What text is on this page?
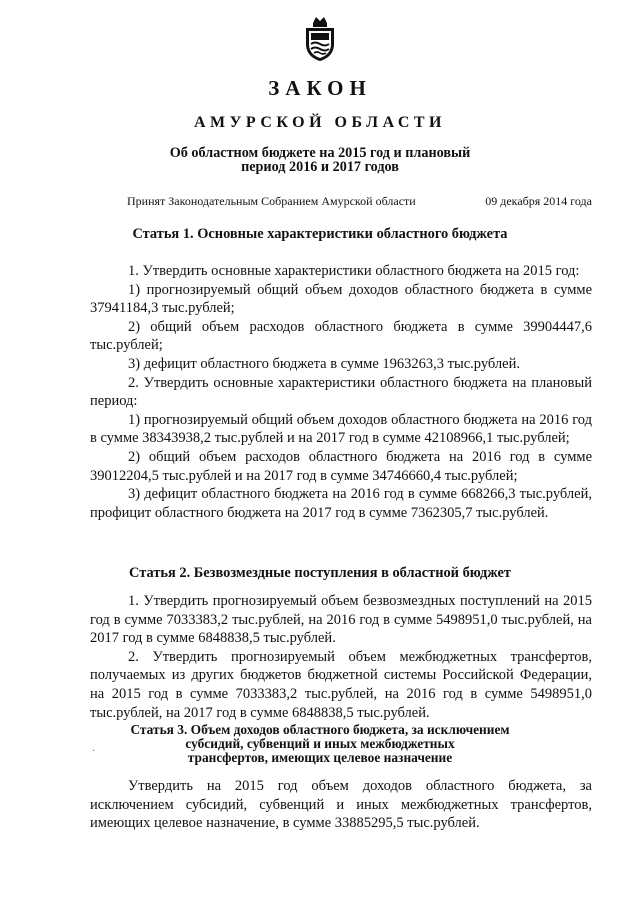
ЗАКОН
АМУРСКОЙ ОБЛАСТИ
Об областном бюджете на 2015 год и плановый
период 2016 и 2017 годов
Принят Законодательным Собранием Амурской области	09 декабря 2014 года
Статья 1. Основные характеристики областного бюджета

1. Утвердить основные характеристики областного бюджета на 2015 год:

1) прогнозируемый общий объем доходов областного бюджета в сумме 37941184,3 тыс.рублей;

2) общий объем расходов областного бюджета в сумме 39904447,6 тыс.рублей;

3) дефицит областного бюджета в сумме 1963263,3 тыс.рублей.

2. Утвердить основные характеристики областного бюджета на плановый период:

1) прогнозируемый общий объем доходов областного бюджета на 2016 год в сумме 38343938,2 тыс.рублей и на 2017 год в сумме 42108966,1 тыс.рублей;

2) общий объем расходов областного бюджета на 2016 год в сумме 39012204,5 тыс.рублей и на 2017 год в сумме 34746660,4 тыс.рублей;

3) дефицит областного бюджета на 2016 год в сумме 668266,3 тыс.рублей, профицит областного бюджета на 2017 год в сумме 7362305,7 тыс.рублей.

Статья 2. Безвозмездные поступления в областной бюджет

1. Утвердить прогнозируемый объем безвозмездных поступлений на 2015 год в сумме 7033383,2 тыс.рублей, на 2016 год в сумме 5498951,0 тыс.рублей, на 2017 год в сумме 6848838,5 тыс.рублей.

2. Утвердить прогнозируемый объем межбюджетных трансфертов, получаемых из других бюджетов бюджетной системы Российской Федерации, на 2015 год в сумме 7033383,2 тыс.рублей, на 2016 год в сумме 5498951,0 тыс.рублей, на 2017 год в сумме 6848838,5 тыс.рублей.

·
Статья 3. Объем доходов областного бюджета, за исключением
субсидий, субвенций и иных межбюджетных
трансфертов, имеющих целевое назначение

Утвердить на 2015 год объем доходов областного бюджета, за исключением субсидий, субвенций и иных межбюджетных трансфертов, имеющих целевое назначение, в сумме 33885295,5 тыс.рублей.
